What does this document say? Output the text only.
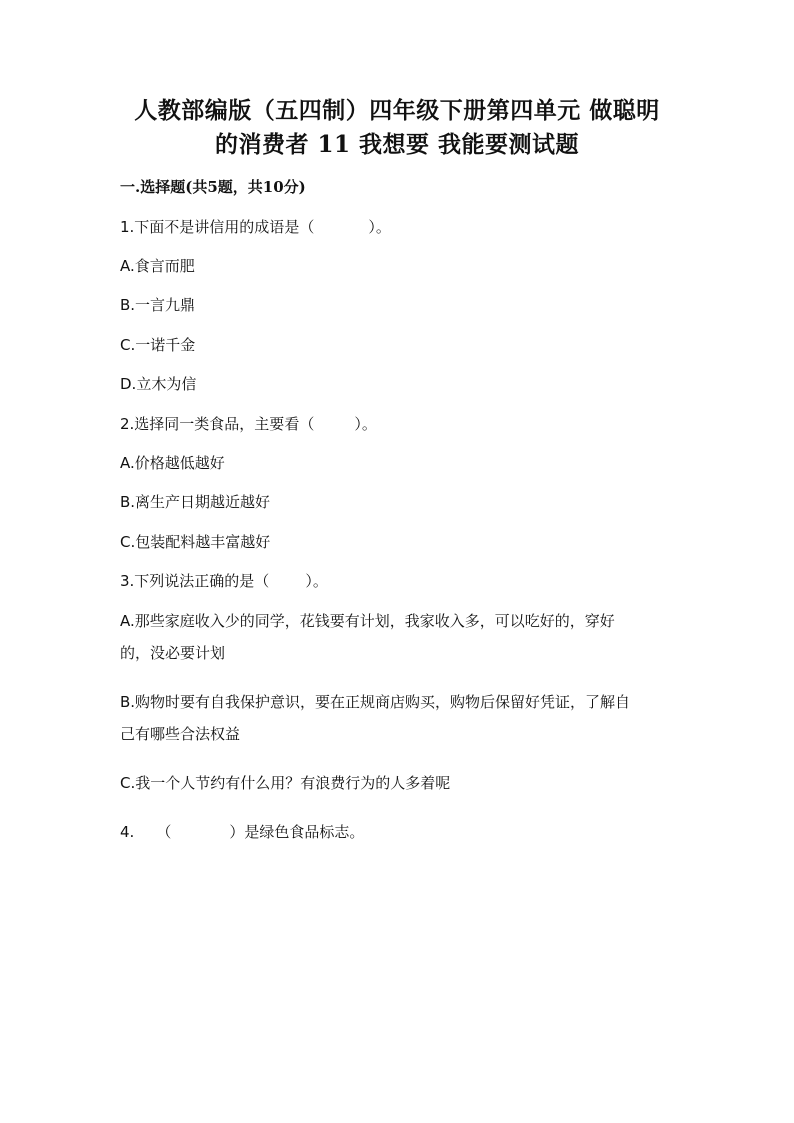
人教部编版（五四制）四年级下册第四单元 做聪明
的消费者 11 我想要 我能要测试题
一.选择题(共5题，共10分)
1.下面不是讲信用的成语是（	）。
A.食言而肥
B.一言九鼎
C.一诺千金
D.立木为信
2.选择同一类食品，主要看（	）。
A.价格越低越好
B.离生产日期越近越好
C.包装配料越丰富越好
3.下列说法正确的是（ ）。
A.那些家庭收入少的同学，花钱要有计划，我家收入多，可以吃好的，穿好
的，没必要计划
B.购物时要有自我保护意识，要在正规商店购买，购物后保留好凭证，了解自
己有哪些合法权益
C.我一个人节约有什么用？有浪费行为的人多着呢
4. （	）是绿色食品标志。
